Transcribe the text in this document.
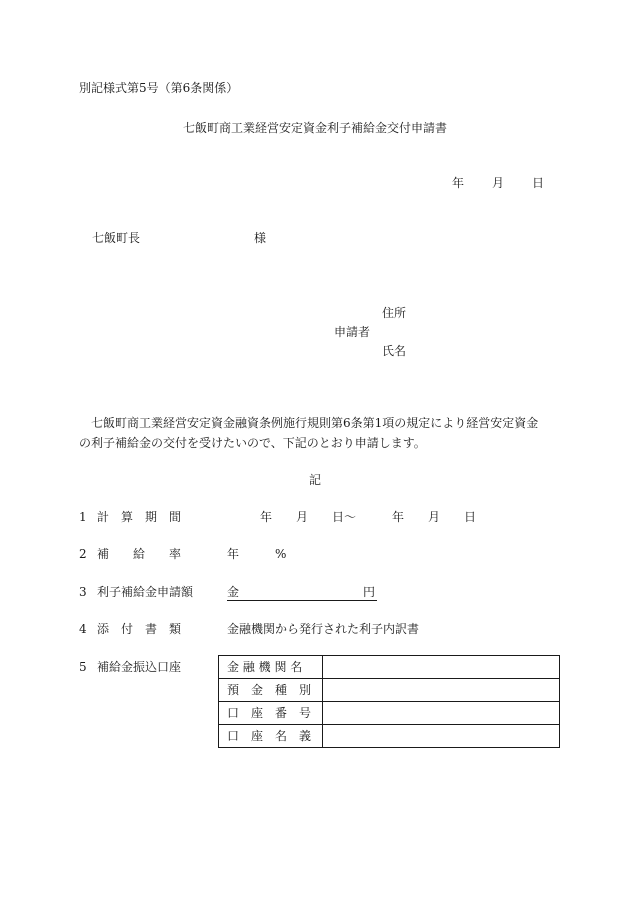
別記様式第5号（第6条関係）
七飯町商工業経営安定資金利子補給金交付申請書
年 月 日
七飯町長	様
住所
申請者
氏名
七飯町商工業経営安定資金融資条例施行規則第6条第1項の規定により経営安定資金の利子補給金の交付を受けたいので、下記のとおり申請します。
記
1 計　算　期　間	年　　月　　日〜　　　年　　月　　日
2 補　　給　　率	年　　　%
3 利子補給金申請額	金	円
4 添　付　書　類	金融機関から発行された利子内訳書
5 補給金振込口座	金 融 機 関 名	
預　金　種　別	
口　座　番　号	
口　座　名　義	
